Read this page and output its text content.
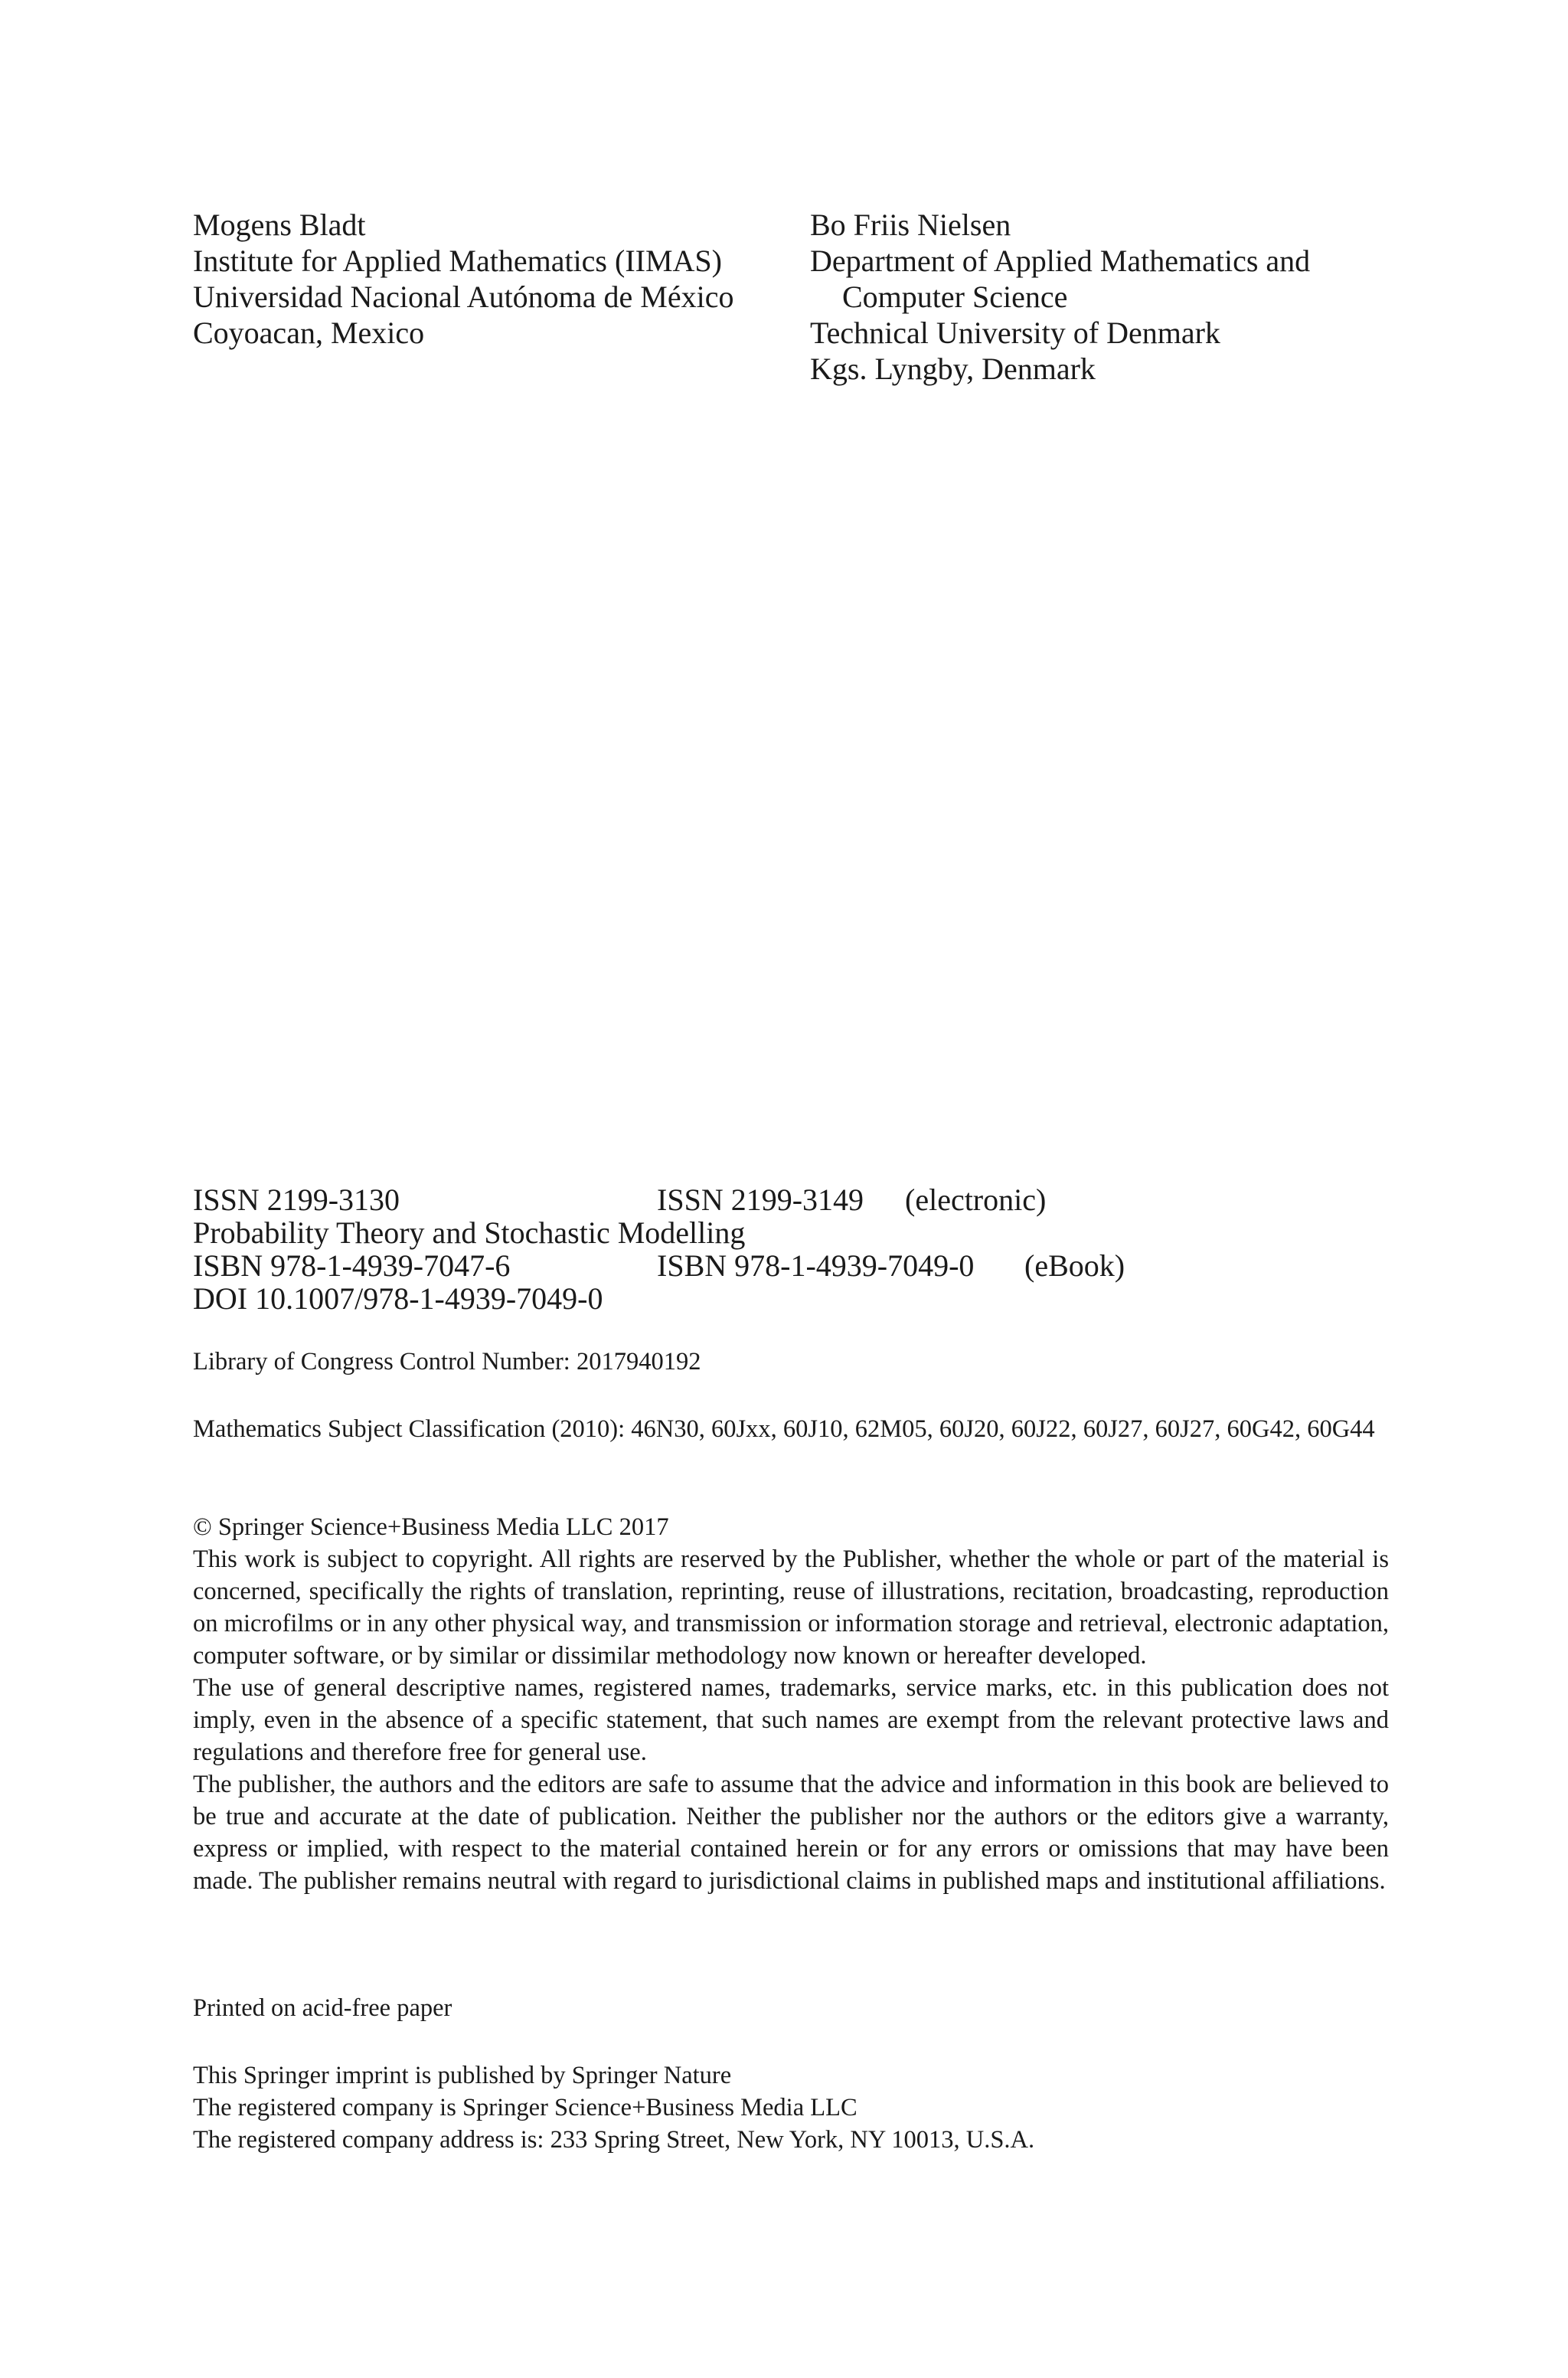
Mogens Bladt
Institute for Applied Mathematics (IIMAS)
Universidad Nacional Autónoma de México
Coyoacan, Mexico
Bo Friis Nielsen
Department of Applied Mathematics and
Computer Science
Technical University of Denmark
Kgs. Lyngby, Denmark
ISSN 2199-3130	ISSN 2199-3149 (electronic)
Probability Theory and Stochastic Modelling
ISBN 978-1-4939-7047-6	ISBN 978-1-4939-7049-0 (eBook)
DOI 10.1007/978-1-4939-7049-0

Library of Congress Control Number: 2017940192

Mathematics Subject Classification (2010): 46N30, 60Jxx, 60J10, 62M05, 60J20, 60J22, 60J27, 60J27, 60G42, 60G44

© Springer Science+Business Media LLC 2017

This work is subject to copyright. All rights are reserved by the Publisher, whether the whole or part of the material is concerned, specifically the rights of translation, reprinting, reuse of illustrations, recitation, broadcasting, reproduction on microfilms or in any other physical way, and transmission or information storage and retrieval, electronic adaptation, computer software, or by similar or dissimilar methodology now known or hereafter developed.

The use of general descriptive names, registered names, trademarks, service marks, etc. in this publication does not imply, even in the absence of a specific statement, that such names are exempt from the relevant protective laws and regulations and therefore free for general use.

The publisher, the authors and the editors are safe to assume that the advice and information in this book are believed to be true and accurate at the date of publication. Neither the publisher nor the authors or the editors give a warranty, express or implied, with respect to the material contained herein or for any errors or omissions that may have been made. The publisher remains neutral with regard to jurisdictional claims in published maps and institutional affiliations.

Printed on acid-free paper

This Springer imprint is published by Springer Nature

The registered company is Springer Science+Business Media LLC

The registered company address is: 233 Spring Street, New York, NY 10013, U.S.A.
